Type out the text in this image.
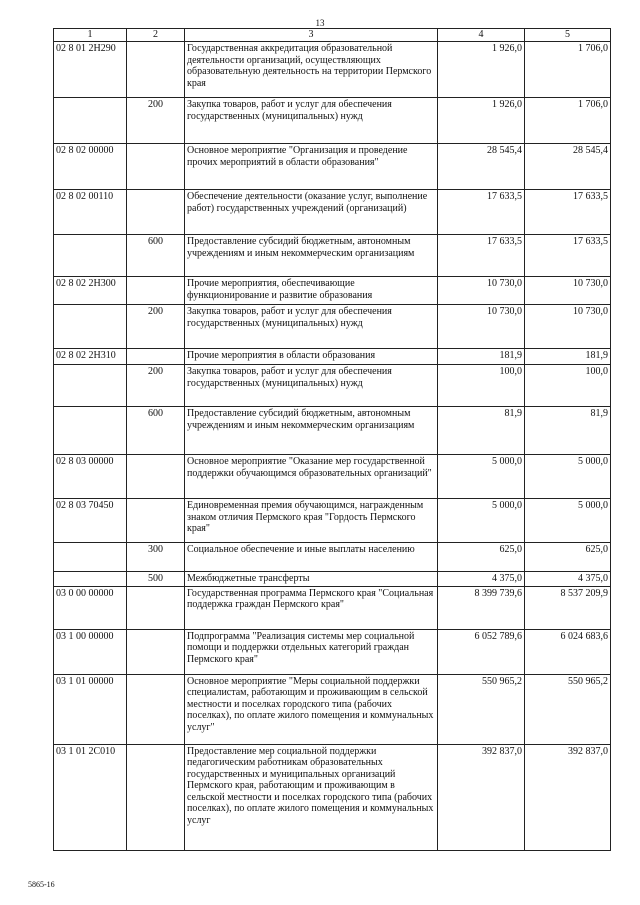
13
1	2	3	4	5
02 8 01 2Н290		Государственная аккредитация образовательной деятельности организаций, осуществляющих образовательную деятельность на территории Пермского края	1 926,0	1 706,0
	200	Закупка товаров, работ и услуг для обеспечения государственных (муниципальных) нужд	1 926,0	1 706,0
02 8 02 00000		Основное мероприятие "Организация и проведение прочих мероприятий в области образования"	28 545,4	28 545,4
02 8 02 00110		Обеспечение деятельности (оказание услуг, выполнение работ) государственных учреждений (организаций)	17 633,5	17 633,5
	600	Предоставление субсидий бюджетным, автономным учреждениям и иным некоммерческим организациям	17 633,5	17 633,5
02 8 02 2Н300		Прочие мероприятия, обеспечивающие функционирование и развитие образования	10 730,0	10 730,0
	200	Закупка товаров, работ и услуг для обеспечения государственных (муниципальных) нужд	10 730,0	10 730,0
02 8 02 2Н310		Прочие мероприятия в области образования	181,9	181,9
	200	Закупка товаров, работ и услуг для обеспечения государственных (муниципальных) нужд	100,0	100,0
	600	Предоставление субсидий бюджетным, автономным учреждениям и иным некоммерческим организациям	81,9	81,9
02 8 03 00000		Основное мероприятие "Оказание мер государственной поддержки обучающимся образовательных организаций"	5 000,0	5 000,0
02 8 03 70450		Единовременная премия обучающимся, награжденным знаком отличия Пермского края "Гордость Пермского края"	5 000,0	5 000,0
	300	Социальное обеспечение и иные выплаты населению	625,0	625,0
	500	Межбюджетные трансферты	4 375,0	4 375,0
03 0 00 00000		Государственная программа Пермского края "Социальная поддержка граждан Пермского края"	8 399 739,6	8 537 209,9
03 1 00 00000		Подпрограмма "Реализация системы мер социальной помощи и поддержки отдельных категорий граждан Пермского края"	6 052 789,6	6 024 683,6
03 1 01 00000		Основное мероприятие "Меры социальной поддержки специалистам, работающим и проживающим в сельской местности и поселках городского типа (рабочих поселках), по оплате жилого помещения и коммунальных услуг"	550 965,2	550 965,2
03 1 01 2С010		Предоставление мер социальной поддержки педагогическим работникам образовательных государственных и муниципальных организаций Пермского края, работающим и проживающим в сельской местности и поселках городского типа (рабочих поселках), по оплате жилого помещения и коммунальных услуг	392 837,0	392 837,0
5865-16
